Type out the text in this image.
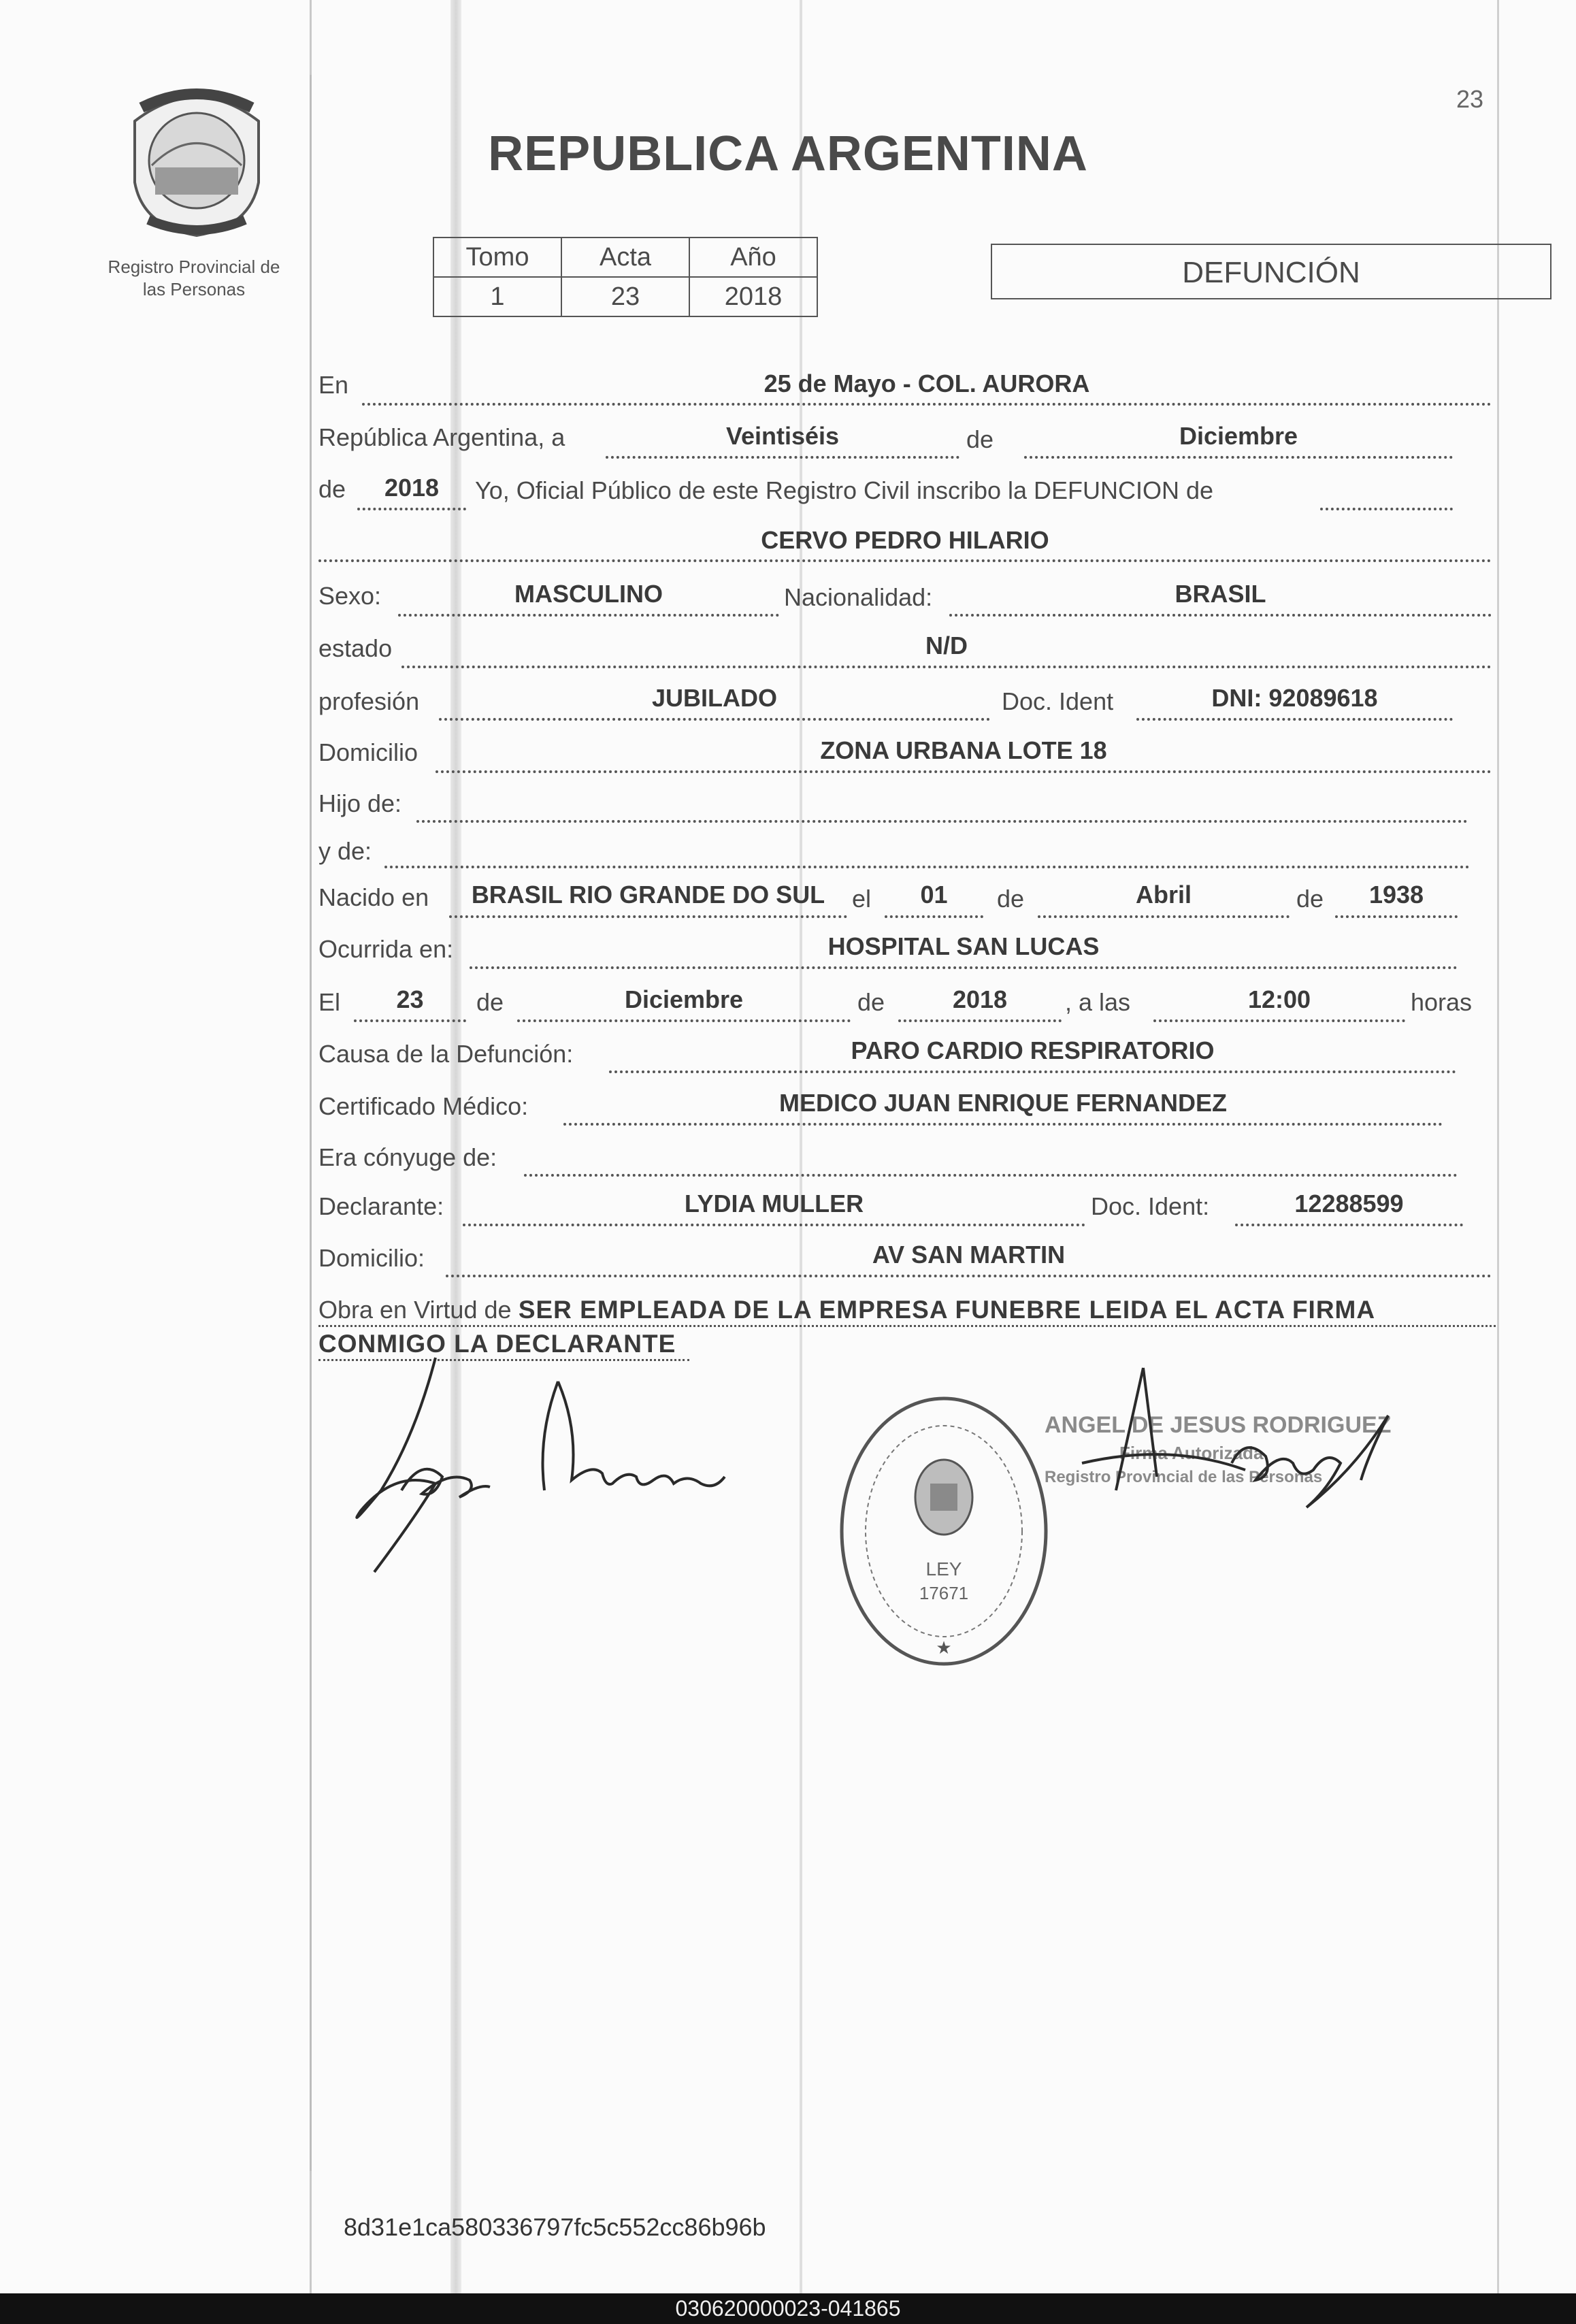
Registro Provincial de
las Personas
23
REPUBLICA ARGENTINA
Tomo	Acta	Año
1	23	2018
DEFUNCIÓN
En	25 de Mayo - COL. AURORA
República Argentina, a	Veintiséis	de	Diciembre
de	2018	Yo, Oficial Público de este Registro Civil inscribo la DEFUNCION de
CERVO PEDRO HILARIO
Sexo:	MASCULINO	Nacionalidad:	BRASIL
estado	N/D
profesión	JUBILADO	Doc. Ident	DNI: 92089618
Domicilio	ZONA URBANA LOTE 18
Hijo de:
y de:
Nacido en	BRASIL RIO GRANDE DO SUL	el	01	de	Abril	de	1938
Ocurrida en:	HOSPITAL SAN LUCAS
El	23	de	Diciembre	de	2018	, a las	12:00	horas
Causa de la Defunción:	PARO CARDIO RESPIRATORIO
Certificado Médico:	MEDICO JUAN ENRIQUE FERNANDEZ
Era cónyuge de:
Declarante:	LYDIA MULLER	Doc. Ident:	12288599
Domicilio:	AV SAN MARTIN
Obra en Virtud de SER EMPLEADA DE LA EMPRESA FUNEBRE LEIDA EL ACTA FIRMA
CONMIGO LA DECLARANTE
LEY
17671
★
ANGEL DE JESUS RODRIGUEZ
Firma Autorizada
Registro Provincial de las Personas
8d31e1ca580336797fc5c552cc86b96b
030620000023-041865
